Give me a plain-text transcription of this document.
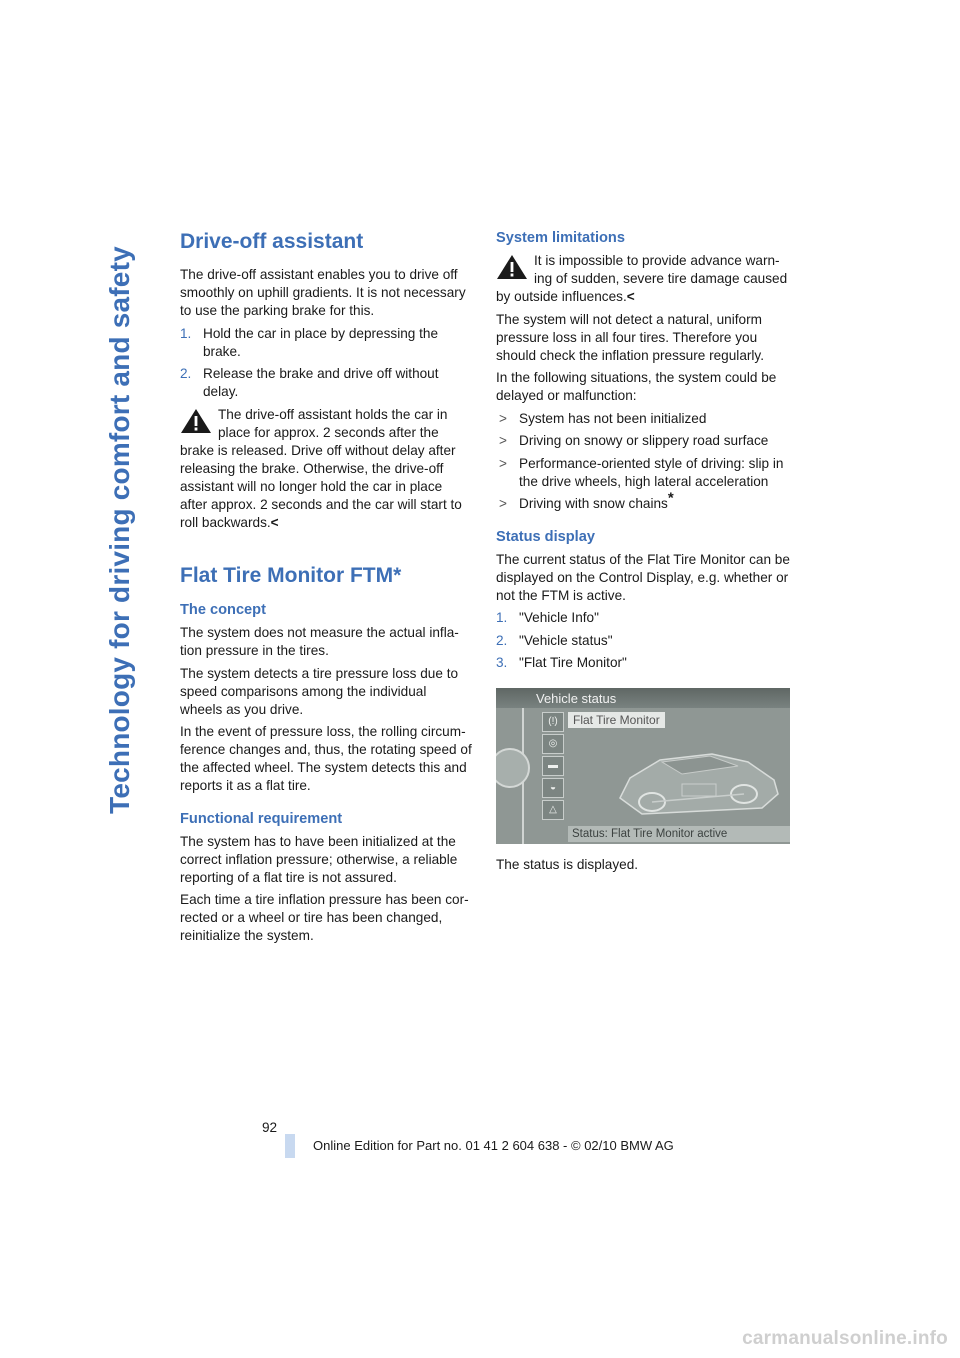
Technology for driving comfort and safety
Drive-off assistant

The drive-off assistant enables you to drive off smoothly on uphill gradients. It is not necessary to use the parking brake for this.

1. Hold the car in place by depressing the brake.
2. Release the brake and drive off without delay.
The drive-off assistant holds the car in place for approx. 2 seconds after the brake is released. Drive off without delay after releasing the brake. Otherwise, the drive-off assistant will no longer hold the car in place after approx. 2 seconds and the car will start to roll backwards.<
Flat Tire Monitor FTM*
The concept

The system does not measure the actual infla-tion pressure in the tires.

The system detects a tire pressure loss due to speed comparisons among the individual wheels as you drive.

In the event of pressure loss, the rolling circum-ference changes and, thus, the rotating speed of the affected wheel. The system detects this and reports it as a flat tire.

Functional requirement

The system has to have been initialized at the correct inflation pressure; otherwise, a reliable reporting of a flat tire is not assured.

Each time a tire inflation pressure has been cor-rected or a wheel or tire has been changed, reinitialize the system.

System limitations
It is impossible to provide advance warn-ing of sudden, severe tire damage caused by outside influences.<

The system will not detect a natural, uniform pressure loss in all four tires. Therefore you should check the inflation pressure regularly.

In the following situations, the system could be delayed or malfunction:

> System has not been initialized
> Driving on snowy or slippery road surface
> Performance-oriented style of driving: slip in the drive wheels, high lateral acceleration
> Driving with snow chains*
Status display

The current status of the Flat Tire Monitor can be displayed on the Control Display, e.g. whether or not the FTM is active.

1. "Vehicle Info"
2. "Vehicle status"
3. "Flat Tire Monitor"
Vehicle status
(!)
◎
▬
◒
△
Flat Tire Monitor
Status: Flat Tire Monitor active

The status is displayed.

92
Online Edition for Part no. 01 41 2 604 638 - © 02/10 BMW AG
carmanualsonline.info
